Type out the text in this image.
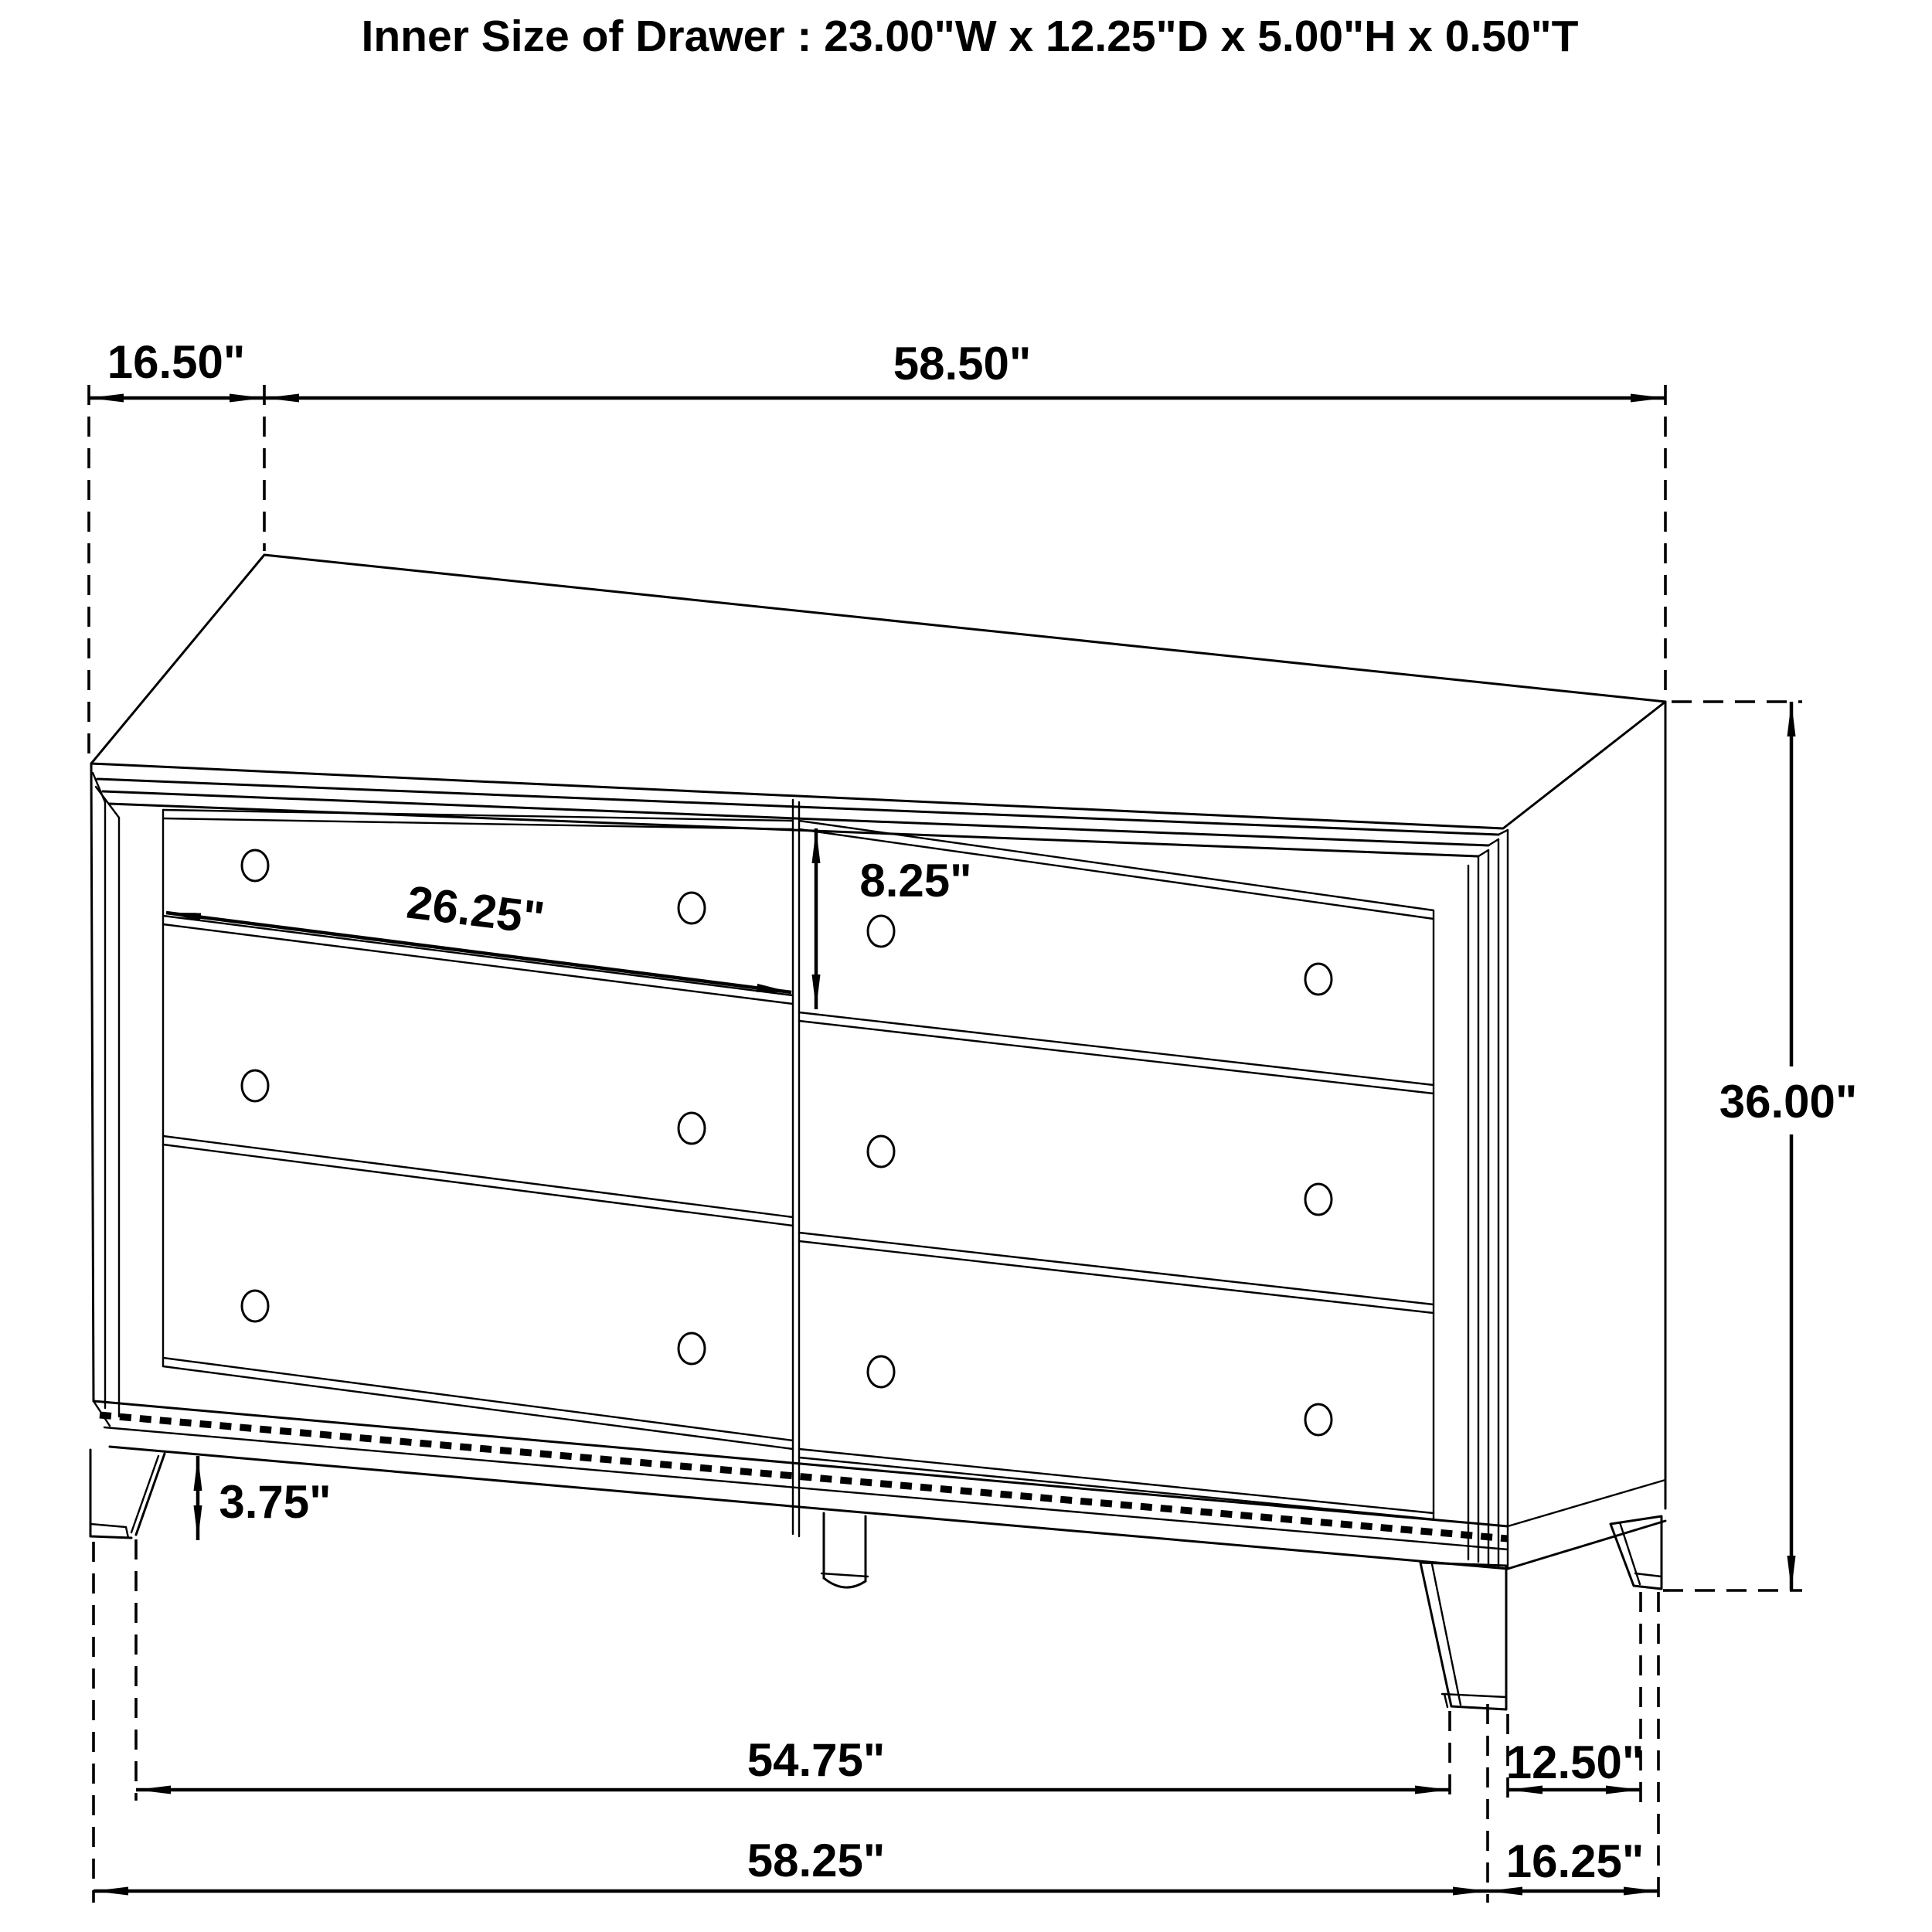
Inner Size of Drawer : 23.00"W x 12.25"D x 5.00"H x 0.50"T
16.50"	58.50"
26.25"	8.25"
36.00"
3.75"
54.75"	12.50"
58.25"	16.25"
